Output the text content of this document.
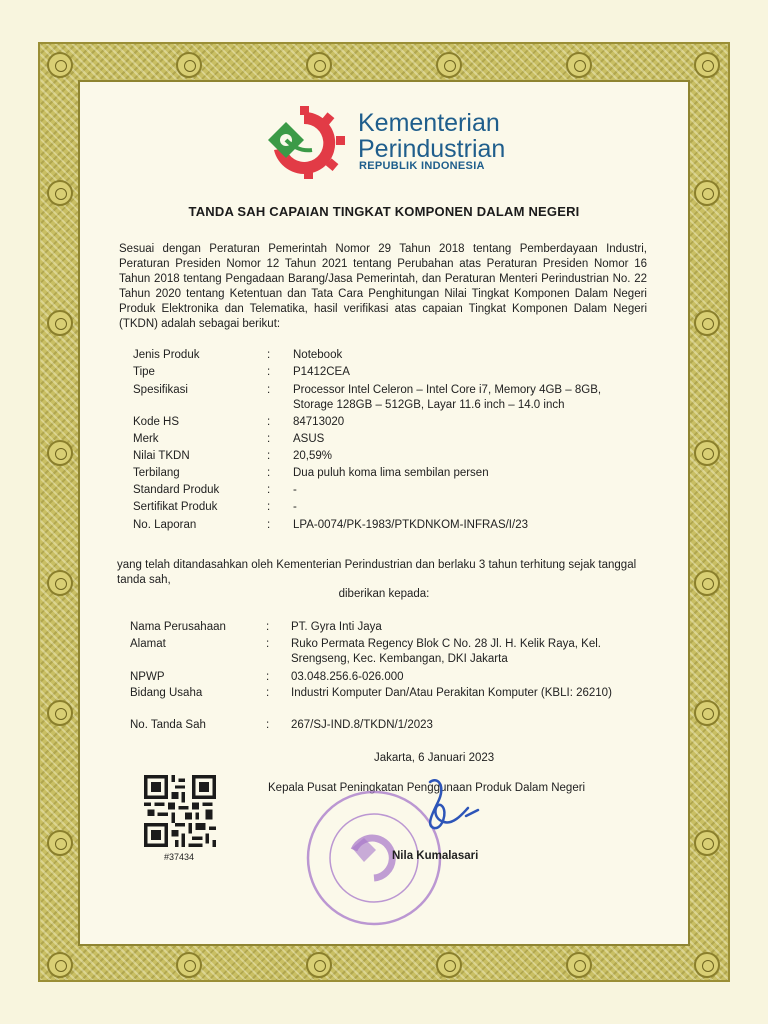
Kementerian
Perindustrian
REPUBLIK INDONESIA
TANDA SAH CAPAIAN TINGKAT KOMPONEN DALAM NEGERI
Sesuai dengan Peraturan Pemerintah Nomor 29 Tahun 2018 tentang Pemberdayaan Industri, Peraturan Presiden Nomor 12 Tahun 2021 tentang Perubahan atas Peraturan Presiden Nomor 16 Tahun 2018 tentang Pengadaan Barang/Jasa Pemerintah, dan Peraturan Menteri Perindustrian No. 22 Tahun 2020 tentang Ketentuan dan Tata Cara Penghitungan Nilai Tingkat Komponen Dalam Negeri Produk Elektronika dan Telematika, hasil verifikasi atas capaian Tingkat Komponen Dalam Negeri (TKDN) adalah sebagai berikut:
Jenis Produk	: Notebook
Tipe	: P1412CEA
Spesifikasi	: Processor Intel Celeron – Intel Core i7, Memory 4GB – 8GB, Storage 128GB – 512GB, Layar 11.6 inch – 14.0 inch
Kode HS	: 84713020
Merk	: ASUS
Nilai TKDN	: 20,59%
Terbilang	: Dua puluh koma lima sembilan persen
Standard Produk	: -
Sertifikat Produk	: -
No. Laporan	: LPA-0074/PK-1983/PTKDNKOM-INFRAS/I/23
yang telah ditandasahkan oleh Kementerian Perindustrian dan berlaku 3 tahun terhitung sejak tanggal tanda sah,
diberikan kepada:
Nama Perusahaan	: PT. Gyra Inti Jaya
Alamat	: Ruko Permata Regency Blok C No. 28 Jl. H. Kelik Raya, Kel. Srengseng, Kec. Kembangan, DKI Jakarta
NPWP	: 03.048.256.6-026.000
Bidang Usaha	: Industri Komputer Dan/Atau Perakitan Komputer (KBLI: 26210)
No. Tanda Sah	: 267/SJ-IND.8/TKDN/1/2023
Jakarta, 6 Januari 2023
Kepala Pusat Peningkatan Penggunaan Produk Dalam Negeri
#37434	Nila Kumalasari
